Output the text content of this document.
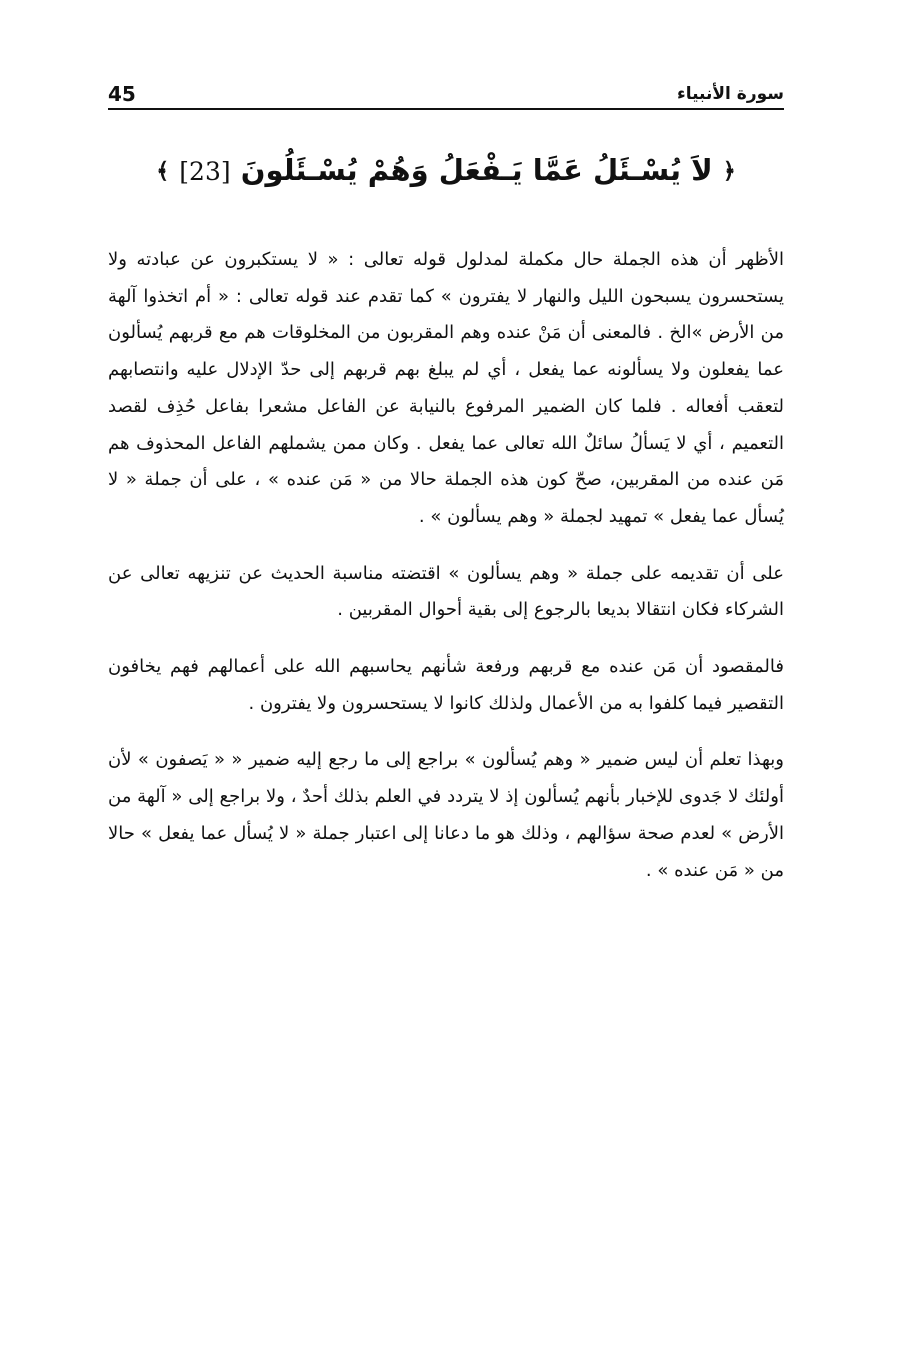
45	سورة الأنبياء
﴿ لاَ يُسْـئَلُ عَمَّا يَـفْعَلُ وَهُمْ يُسْـئَلُونَ [23] ﴾

الأظهر أن هذه الجملة حال مكملة لمدلول قوله تعالى : « لا يستكبرون عن عبادته ولا يستحسرون يسبحون الليل والنهار لا يفترون » كما تقدم عند قوله تعالى : « أم اتخذوا آلهة من الأرض »الخ . فالمعنى أن مَنْ عنده وهم المقربون من المخلوقات هم مع قربهم يُسألون عما يفعلون ولا يسألونه عما يفعل ، أي لم يبلغ بهم قربهم إلى حدّ الإدلال عليه وانتصابهم لتعقب أفعاله . فلما كان الضمير المرفوع بالنيابة عن الفاعل مشعرا بفاعل حُذِف لقصد التعميم ، أي لا يَسألُ سائلٌ الله تعالى عما يفعل . وكان ممن يشملهم الفاعل المحذوف هم مَن عنده من المقربين، صحّ كون هذه الجملة حالا من « مَن عنده » ، على أن جملة « لا يُسأل عما يفعل » تمهيد لجملة « وهم يسألون » .

على أن تقديمه على جملة « وهم يسألون » اقتضته مناسبة الحديث عن تنزيهه تعالى عن الشركاء فكان انتقالا بديعا بالرجوع إلى بقية أحوال المقربين .

فالمقصود أن مَن عنده مع قربهم ورفعة شأنهم يحاسبهم الله على أعمالهم فهم يخافون التقصير فيما كلفوا به من الأعمال ولذلك كانوا لا يستحسرون ولا يفترون .

وبهذا تعلم أن ليس ضمير « وهم يُسألون » براجع إلى ما رجع إليه ضمير « « يَصفون » لأن أولئك لا جَدوى للإخبار بأنهم يُسألون إذ لا يتردد في العلم بذلك أحدٌ ، ولا براجع إلى « آلهة من الأرض » لعدم صحة سؤالهم ، وذلك هو ما دعانا إلى اعتبار جملة « لا يُسأل عما يفعل » حالا من « مَن عنده » .
